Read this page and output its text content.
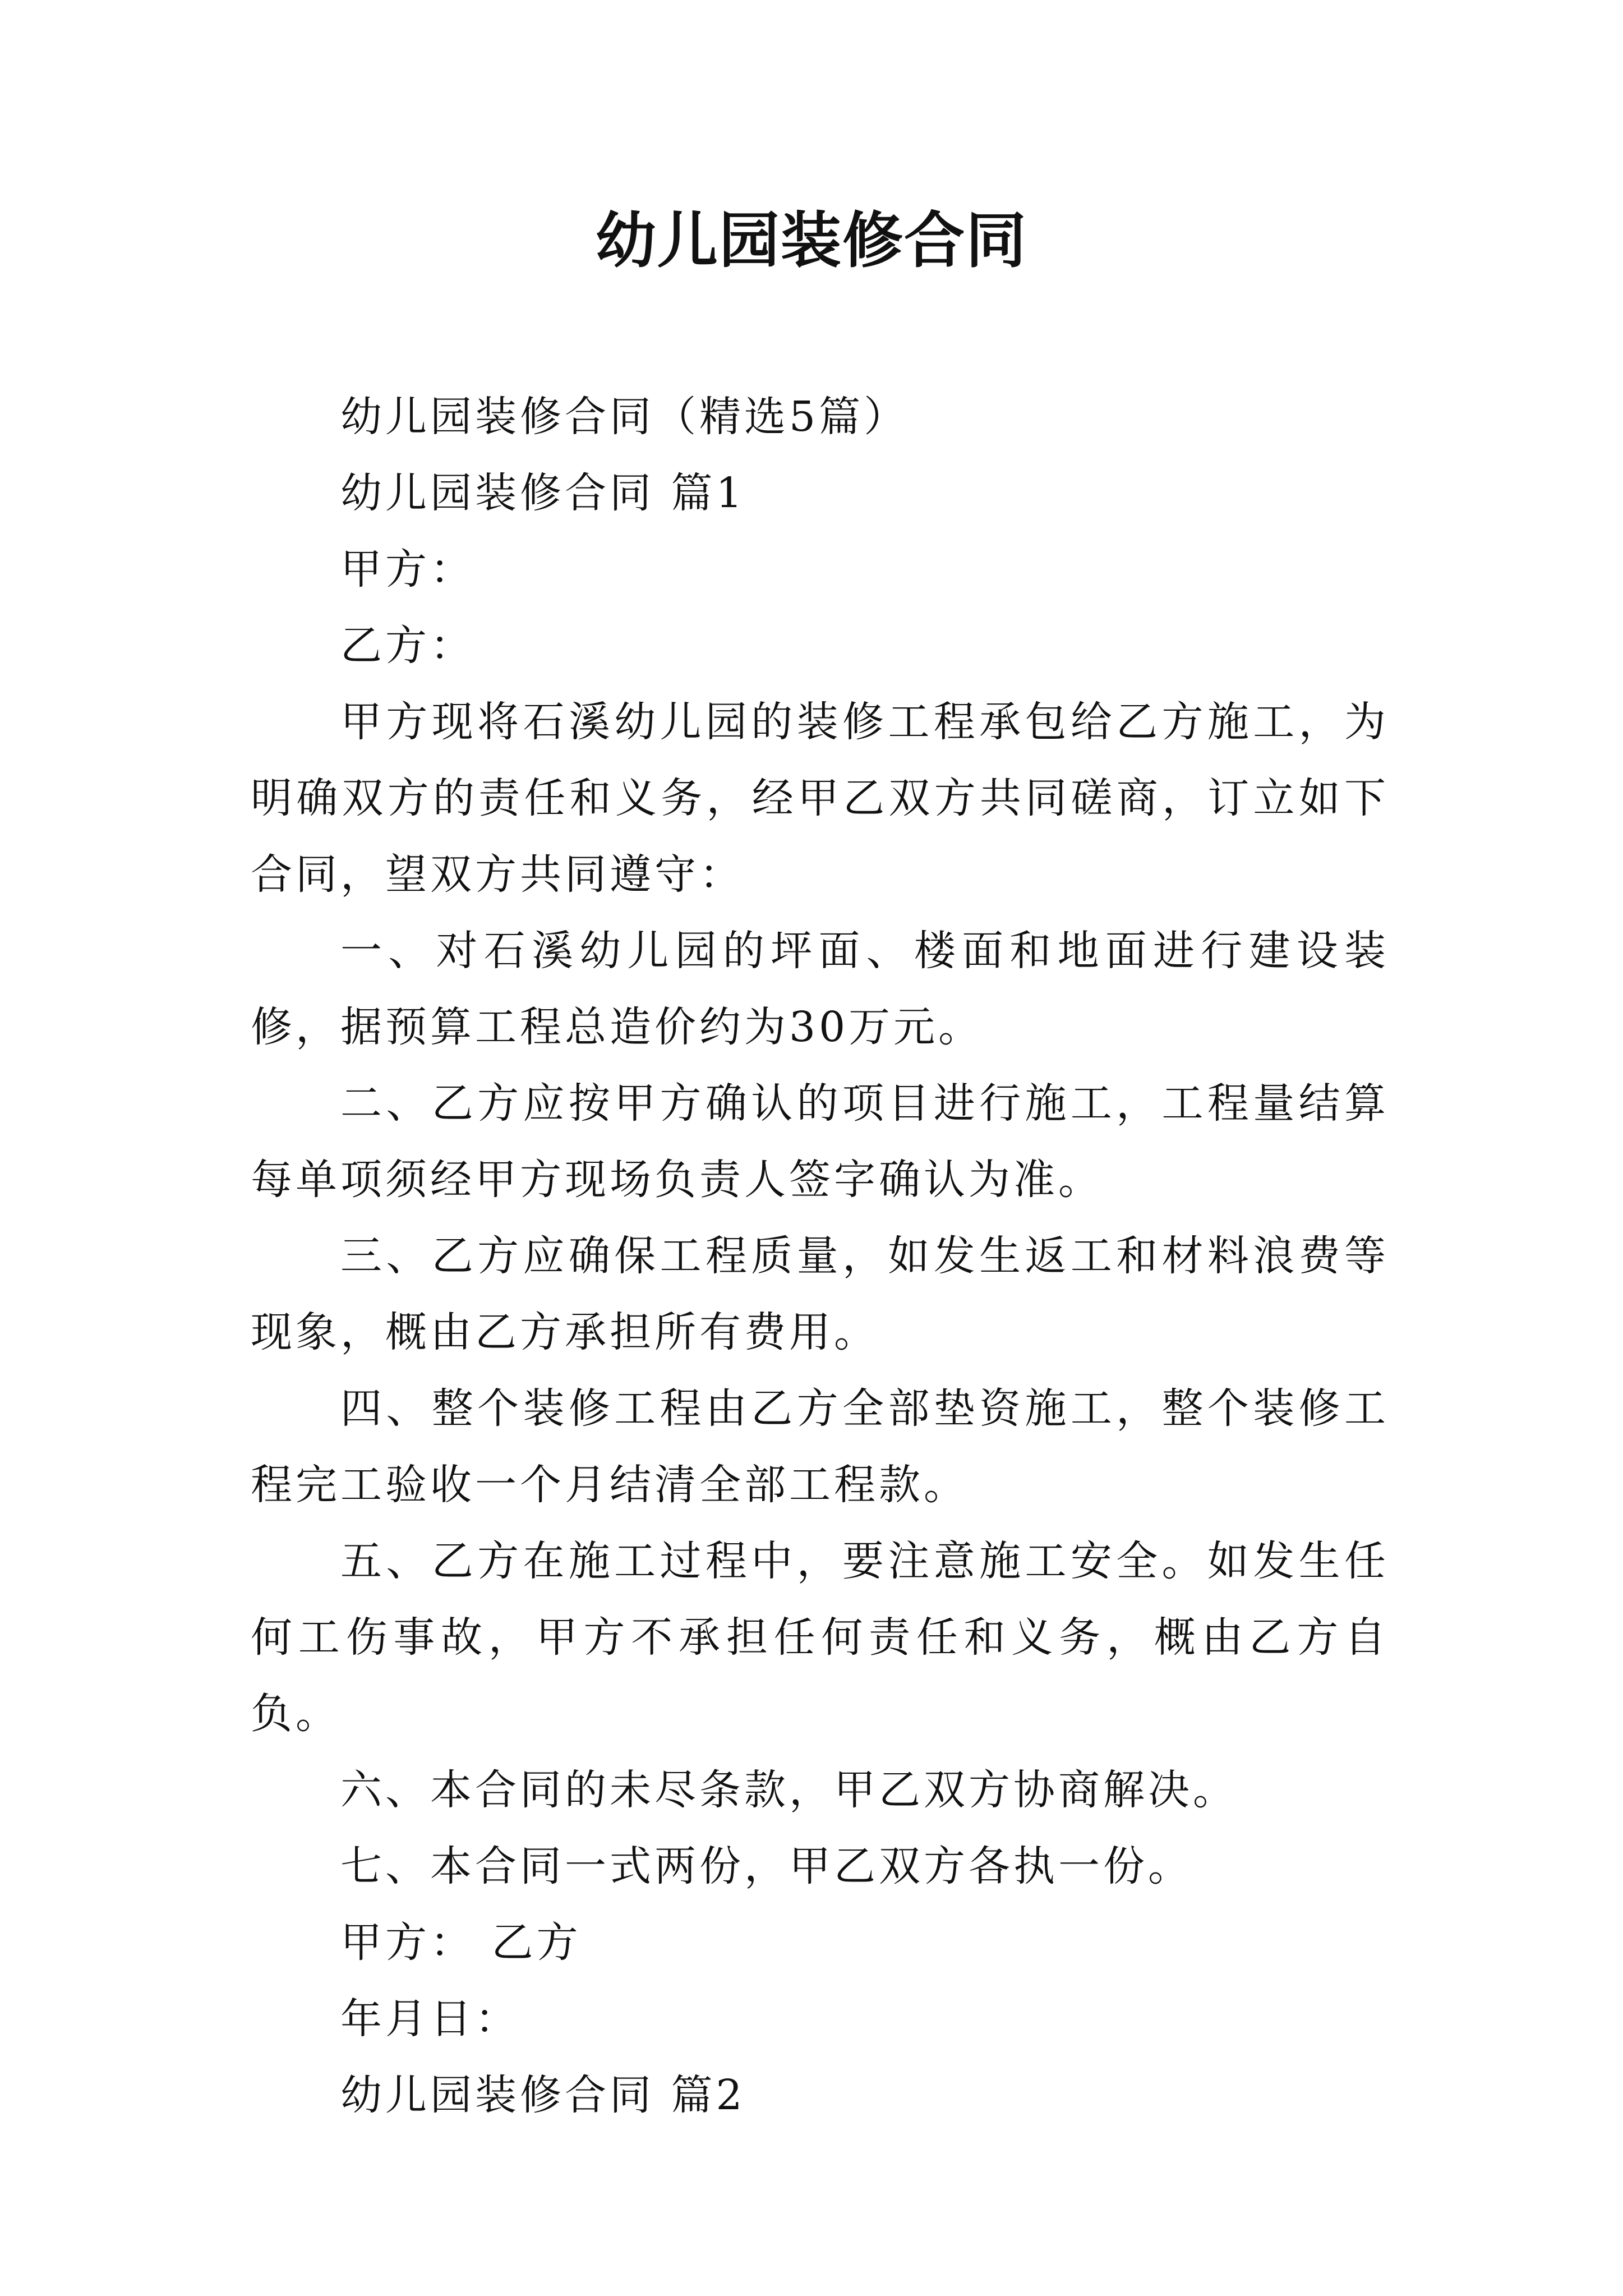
幼儿园装修合同

幼儿园装修合同（精选5篇）

幼儿园装修合同 篇1

甲方：

乙方：

甲方现将石溪幼儿园的装修工程承包给乙方施工，为明确双方的责任和义务，经甲乙双方共同磋商，订立如下合同，望双方共同遵守：

一、对石溪幼儿园的坪面、楼面和地面进行建设装修，据预算工程总造价约为30万元。

二、乙方应按甲方确认的项目进行施工，工程量结算每单项须经甲方现场负责人签字确认为准。

三、乙方应确保工程质量，如发生返工和材料浪费等现象，概由乙方承担所有费用。

四、整个装修工程由乙方全部垫资施工，整个装修工程完工验收一个月结清全部工程款。

五、乙方在施工过程中，要注意施工安全。如发生任何工伤事故，甲方不承担任何责任和义务，概由乙方自负。

六、本合同的未尽条款，甲乙双方协商解决。

七、本合同一式两份，甲乙双方各执一份。

甲方： 乙方

年月日：

幼儿园装修合同 篇2
